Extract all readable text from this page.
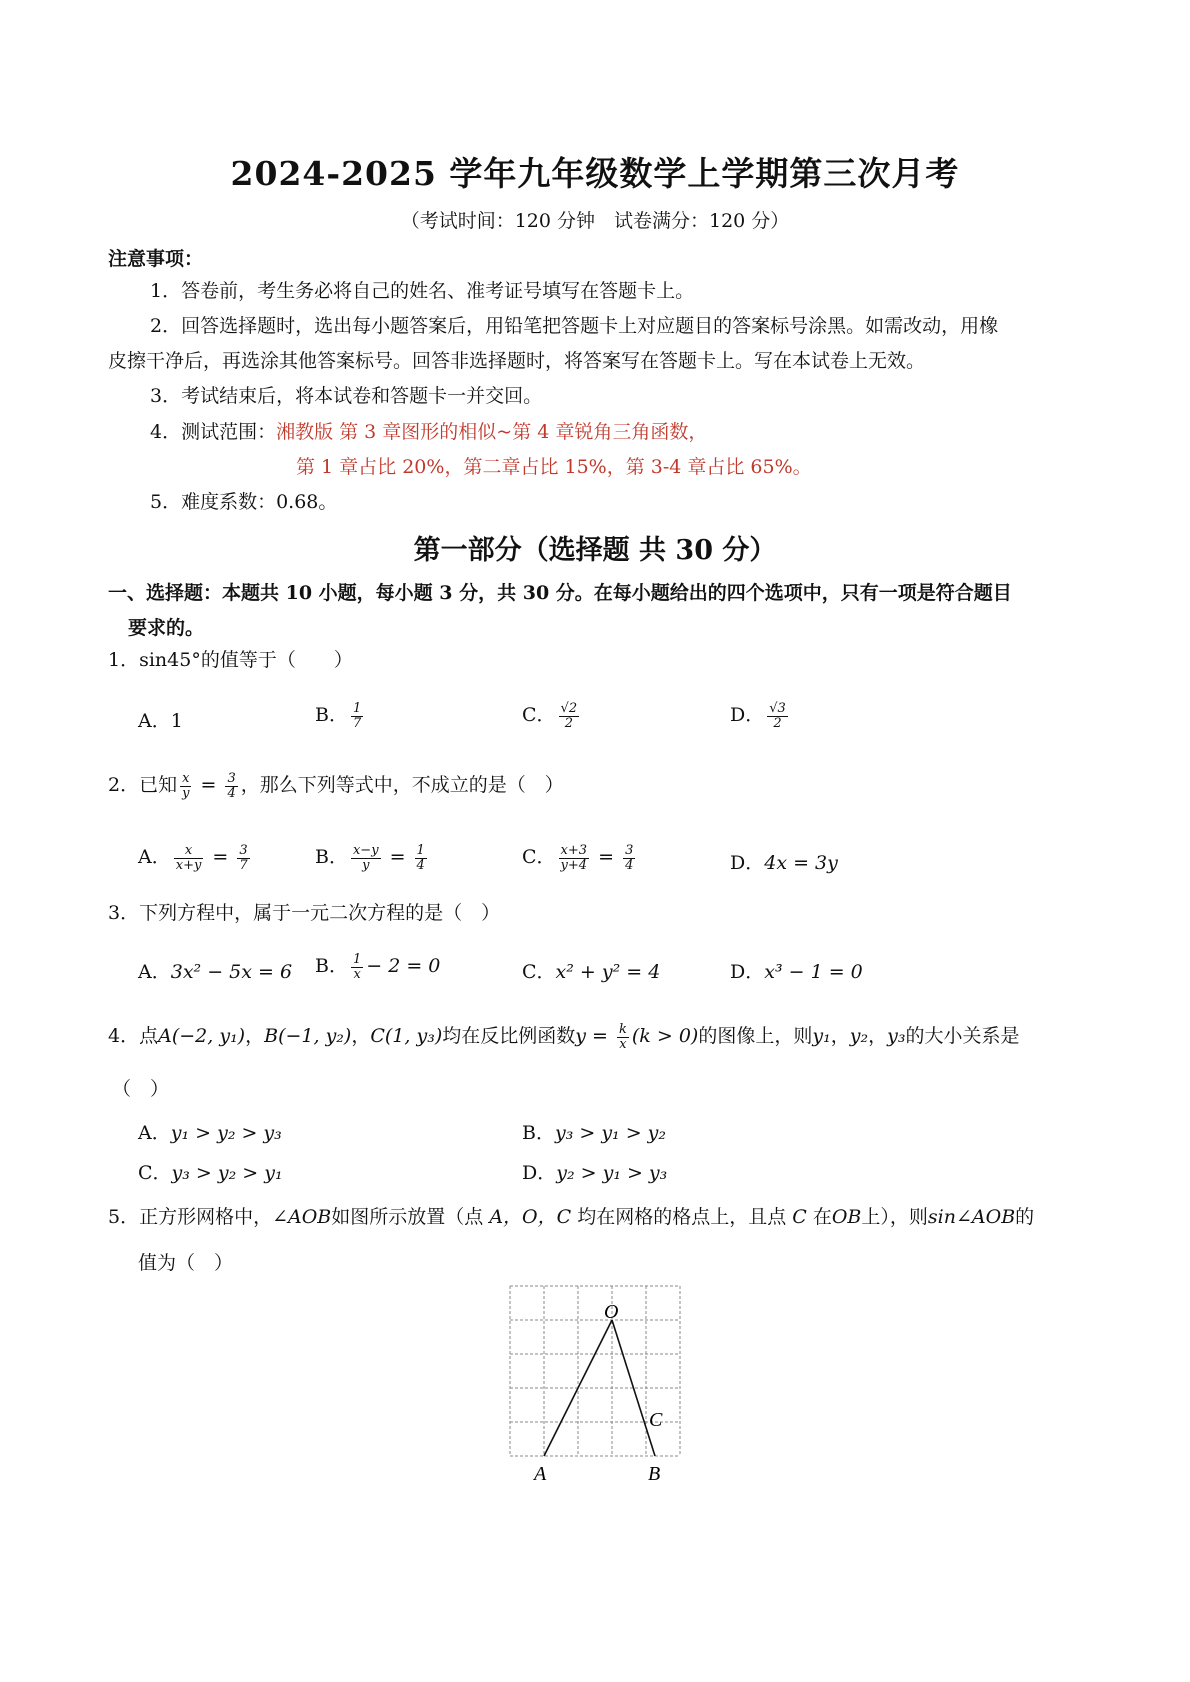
2024-2025 学年九年级数学上学期第三次月考
（考试时间：120 分钟　试卷满分：120 分）
注意事项：
1．答卷前，考生务必将自己的姓名、准考证号填写在答题卡上。
2．回答选择题时，选出每小题答案后，用铅笔把答题卡上对应题目的答案标号涂黑。如需改动，用橡
皮擦干净后，再选涂其他答案标号。回答非选择题时，将答案写在答题卡上。写在本试卷上无效。
3．考试结束后，将本试卷和答题卡一并交回。
4．测试范围：湘教版 第 3 章图形的相似~第 4 章锐角三角函数，
第 1 章占比 20%，第二章占比 15%，第 3-4 章占比 65%。
5．难度系数：0.68。
第一部分（选择题 共 30 分）
一、选择题：本题共 10 小题，每小题 3 分，共 30 分。在每小题给出的四个选项中，只有一项是符合题目
要求的。
1．sin45°的值等于（　　）
A．1	B． $\frac{1}{7}$	C． $\frac{√2}{2}$	D． $\frac{√3}{2}$
2．已知 $\frac{x}{y} = \frac{3}{4}$ ，那么下列等式中，不成立的是（　）
A． $\frac{x}{x+y} = \frac{3}{7}$	B． $\frac{x-y}{y} = \frac{1}{4}$	C． $\frac{x+3}{y+4} = \frac{3}{4}$	D．4x = 3y
3．下列方程中，属于一元二次方程的是（　）
A．3x² − 5x = 6 B． $\frac{1}{x} - 2 = 0$	C．x² + y² = 4	D．x³ − 1 = 0
4．点A(−2, y₁)，B(−1, y₂)，C(1, y₃)均在反比例函数$y = \frac{k}{x} (k > 0)$的图像上，则y₁，y₂，y₃的大小关系是
（　）
A．y₁ > y₂ > y₃	B．y₃ > y₁ > y₂
C．y₃ > y₂ > y₁	D．y₂ > y₁ > y₃
5．正方形网格中，∠AOB如图所示放置（点 A，O，C 均在网格的格点上，且点 C 在OB上），则sin∠AOB的
值为（　）
O
C
A	B
